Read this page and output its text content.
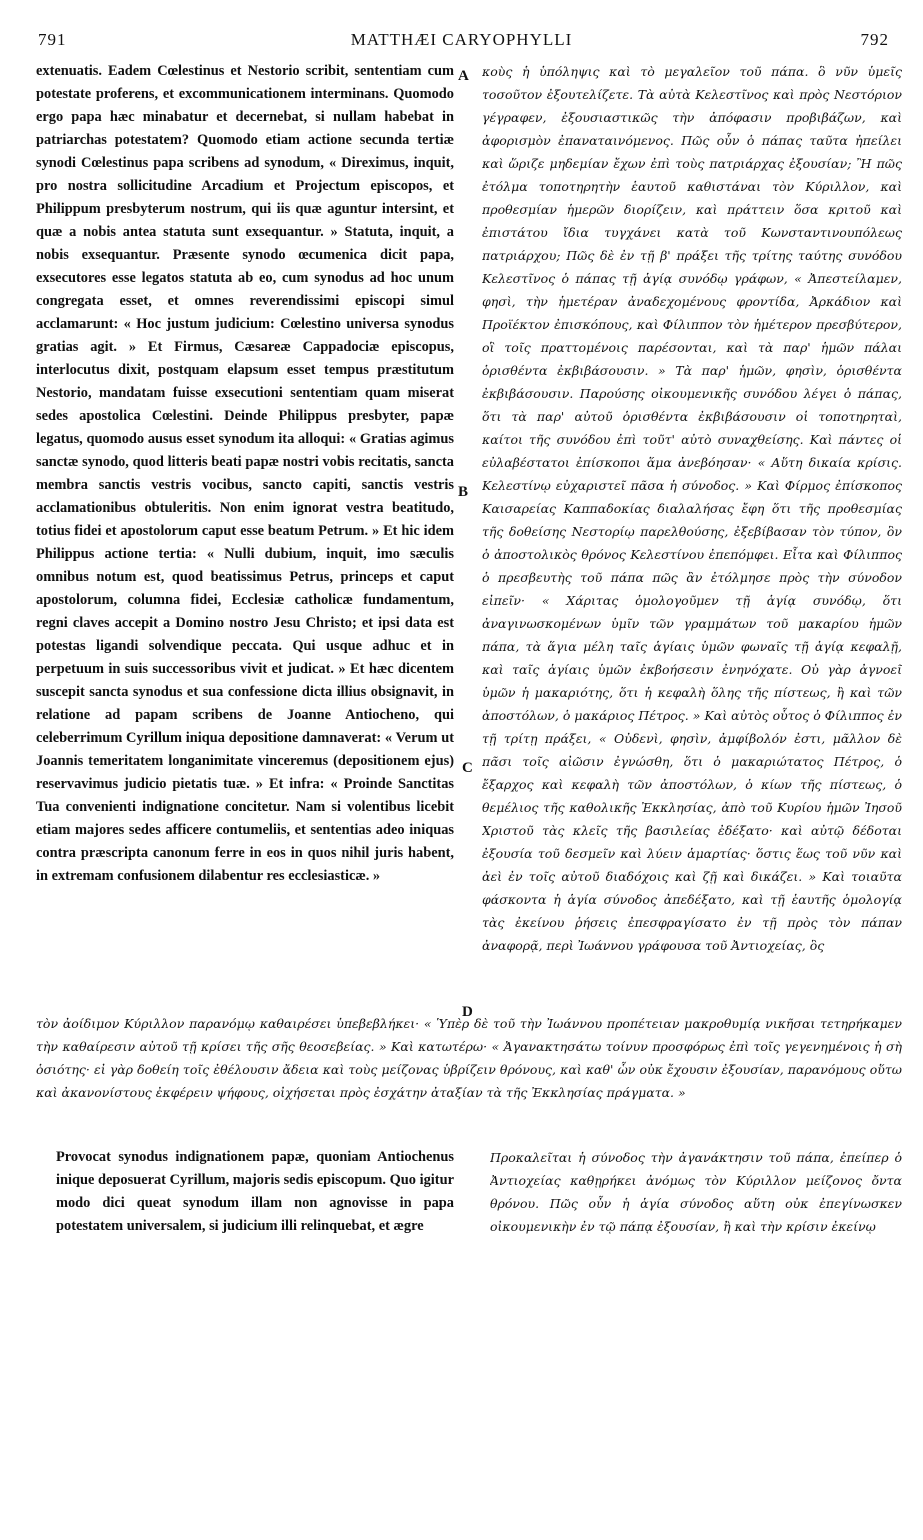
791	MATTHÆI CARYOPHYLLI	792
extenuatis. Eadem Cœlestinus et Nestorio scribit, sententiam cum potestate proferens, et excommunicationem interminans. Quomodo ergo papa hæc minabatur et decernebat, si nullam habebat in patriarchas potestatem? Quomodo etiam actione secunda tertiæ synodi Cœlestinus papa scribens ad synodum, « Direximus, inquit, pro nostra sollicitudine Arcadium et Projectum episcopos, et Philippum presbyterum nostrum, qui iis quæ aguntur intersint, et quæ a nobis antea statuta sunt exsequantur. » Statuta, inquit, a nobis exsequantur. Præsente synodo œcumenica dicit papa, exsecutores esse legatos statuta ab eo, cum synodus ad hoc unum congregata esset, et omnes reverendissimi episcopi simul acclamarunt: « Hoc justum judicium: Cœlestino universa synodus gratias agit. » Et Firmus, Cæsareæ Cappadociæ episcopus, interlocutus dixit, postquam elapsum esset tempus præstitutum Nestorio, mandatam fuisse exsecutioni sententiam quam miserat sedes apostolica Cœlestini. Deinde Philippus presbyter, papæ legatus, quomodo ausus esset synodum ita alloqui: « Gratias agimus sanctæ synodo, quod litteris beati papæ nostri vobis recitatis, sancta membra sanctis vestris vocibus, sancto capiti, sanctis vestris acclamationibus obtuleritis. Non enim ignorat vestra beatitudo, totius fidei et apostolorum caput esse beatum Petrum. » Et hic idem Philippus actione tertia: « Nulli dubium, inquit, imo sæculis omnibus notum est, quod beatissimus Petrus, princeps et caput apostolorum, columna fidei, Ecclesiæ catholicæ fundamentum, regni claves accepit a Domino nostro Jesu Christo; et ipsi data est potestas ligandi solvendique peccata. Qui usque adhuc et in perpetuum in suis successoribus vivit et judicat. » Et hæc dicentem suscepit sancta synodus et sua confessione dicta illius obsignavit, in relatione ad papam scribens de Joanne Antiocheno, qui celeberrimum Cyrillum iniqua depositione damnaverat: « Verum ut Joannis temeritatem longanimitate vinceremus (depositionem ejus) reservavimus judicio pietatis tuæ. » Et infra: « Proinde Sanctitas Tua convenienti indignatione concitetur. Nam si volentibus licebit etiam majores sedes afficere contumeliis, et sententias adeo iniquas contra præscripta canonum ferre in eos in quos nihil juris habent, in extremam confusionem dilabentur res ecclesiasticæ. »
κοὺς ἡ ὑπόληψις καὶ τὸ μεγαλεῖον τοῦ πάπα. ὃ νῦν ὑμεῖς τοσοῦτον ἐξουτελίζετε. Τὰ αὐτὰ Κελεστῖνος καὶ πρὸς Νεστόριον γέγραφεν, ἐξουσιαστικῶς τὴν ἀπόφασιν προβιβάζων, καὶ ἀφορισμὸν ἐπαναταινόμενος. Πῶς οὖν ὁ πάπας ταῦτα ἠπείλει καὶ ὥριζε μηδεμίαν ἔχων ἐπὶ τοὺς πατριάρχας ἐξουσίαν; Ἢ πῶς ἐτόλμα τοποτηρητὴν ἑαυτοῦ καθιστάναι τὸν Κύριλλον, καὶ προθεσμίαν ἡμερῶν διορίζειν, καὶ πράττειν ὅσα κριτοῦ καὶ ἐπιστάτου ἴδια τυγχάνει κατὰ τοῦ Κωνσταντινουπόλεως πατριάρχου; Πῶς δὲ ἐν τῇ β' πράξει τῆς τρίτης ταύτης συνόδου Κελεστῖνος ὁ πάπας τῇ ἁγίᾳ συνόδῳ γράφων, « Ἀπεστείλαμεν, φησὶ, τὴν ἡμετέραν ἀναδεχομένους φροντίδα, Ἀρκάδιον καὶ Προϊέκτον ἐπισκόπους, καὶ Φίλιππον τὸν ἡμέτερον πρεσβύτερον, οἳ τοῖς πραττομένοις παρέσονται, καὶ τὰ παρ' ἡμῶν πάλαι ὁρισθέντα ἐκβιβάσουσιν. » Τὰ παρ' ἡμῶν, φησὶν, ὁρισθέντα ἐκβιβάσουσιν. Παρούσης οἰκουμενικῆς συνόδου λέγει ὁ πάπας, ὅτι τὰ παρ' αὐτοῦ ὁρισθέντα ἐκβιβάσουσιν οἱ τοποτηρηταὶ, καίτοι τῆς συνόδου ἐπὶ τοῦτ' αὐτὸ συναχθείσης. Καὶ πάντες οἱ εὐλαβέστατοι ἐπίσκοποι ἅμα ἀνεβόησαν· « Αὕτη δικαία κρίσις. Κελεστίνῳ εὐχαριστεῖ πᾶσα ἡ σύνοδος. » Καὶ Φίρμος ἐπίσκοπος Καισαρείας Καππαδοκίας διαλαλήσας ἔφη ὅτι τῆς προθεσμίας τῆς δοθείσης Νεστορίῳ παρελθούσης, ἐξεβίβασαν τὸν τύπον, ὃν ὁ ἀποστολικὸς θρόνος Κελεστίνου ἐπεπόμφει. Εἶτα καὶ Φίλιππος ὁ πρεσβευτὴς τοῦ πάπα πῶς ἂν ἐτόλμησε πρὸς τὴν σύνοδον εἰπεῖν· « Χάριτας ὁμολογοῦμεν τῇ ἁγίᾳ συνόδῳ, ὅτι ἀναγινωσκομένων ὑμῖν τῶν γραμμάτων τοῦ μακαρίου ἡμῶν πάπα, τὰ ἅγια μέλη ταῖς ἁγίαις ὑμῶν φωναῖς τῇ ἁγίᾳ κεφαλῇ, καὶ ταῖς ἁγίαις ὑμῶν ἐκβοήσεσιν ἐνηνόχατε. Οὐ γὰρ ἀγνοεῖ ὑμῶν ἡ μακαριότης, ὅτι ἡ κεφαλὴ ὅλης τῆς πίστεως, ἢ καὶ τῶν ἀποστόλων, ὁ μακάριος Πέτρος. » Καὶ αὐτὸς οὗτος ὁ Φίλιππος ἐν τῇ τρίτῃ πράξει, « Οὐδενὶ, φησὶν, ἀμφίβολόν ἐστι, μᾶλλον δὲ πᾶσι τοῖς αἰῶσιν ἐγνώσθη, ὅτι ὁ μακαριώτατος Πέτρος, ὁ ἔξαρχος καὶ κεφαλὴ τῶν ἀποστόλων, ὁ κίων τῆς πίστεως, ὁ θεμέλιος τῆς καθολικῆς Ἐκκλησίας, ἀπὸ τοῦ Κυρίου ἡμῶν Ἰησοῦ Χριστοῦ τὰς κλεῖς τῆς βασιλείας ἐδέξατο· καὶ αὐτῷ δέδοται ἐξουσία τοῦ δεσμεῖν καὶ λύειν ἁμαρτίας· ὅστις ἕως τοῦ νῦν καὶ ἀεὶ ἐν τοῖς αὐτοῦ διαδόχοις καὶ ζῇ καὶ δικάζει. » Καὶ τοιαῦτα φάσκοντα ἡ ἁγία σύνοδος ἀπεδέξατο, καὶ τῇ ἑαυτῆς ὁμολογίᾳ τὰς ἐκείνου ῥήσεις ἐπεσφραγίσατο ἐν τῇ πρὸς τὸν πάπαν ἀναφορᾷ, περὶ Ἰωάννου γράφουσα τοῦ Ἀντιοχείας, ὃς
A
B
C
D
τὸν ἀοίδιμον Κύριλλον παρανόμῳ καθαιρέσει ὑπεβεβλήκει· « Ὑπὲρ δὲ τοῦ τὴν Ἰωάννου προπέτειαν μακροθυμίᾳ νικῆσαι τετηρήκαμεν τὴν καθαίρεσιν αὐτοῦ τῇ κρίσει τῆς σῆς θεοσεβείας. » Καὶ κατωτέρω· « Ἀγανακτησάτω τοίνυν προσφόρως ἐπὶ τοῖς γεγενημένοις ἡ σὴ ὁσιότης· εἰ γὰρ δοθείη τοῖς ἐθέλουσιν ἄδεια καὶ τοὺς μείζονας ὑβρίζειν θρόνους, καὶ καθ' ὧν οὐκ ἔχουσιν ἐξουσίαν, παρανόμους οὕτω καὶ ἀκανονίστους ἐκφέρειν ψήφους, οἰχήσεται πρὸς ἐσχάτην ἀταξίαν τὰ τῆς Ἐκκλησίας πράγματα. »
Provocat synodus indignationem papæ, quoniam Antiochenus inique deposuerat Cyrillum, majoris sedis episcopum. Quo igitur modo dici queat synodum illam non agnovisse in papa potestatem universalem, si judicium illi relinquebat, et ægre
Προκαλεῖται ἡ σύνοδος τὴν ἀγανάκτησιν τοῦ πάπα, ἐπείπερ ὁ Ἀντιοχείας καθῃρήκει ἀνόμως τὸν Κύριλλον μείζονος ὄντα θρόνου. Πῶς οὖν ἡ ἁγία σύνοδος αὕτη οὐκ ἐπεγίνωσκεν οἰκουμενικὴν ἐν τῷ πάπᾳ ἐξουσίαν, ἢ καὶ τὴν κρίσιν ἐκείνῳ
